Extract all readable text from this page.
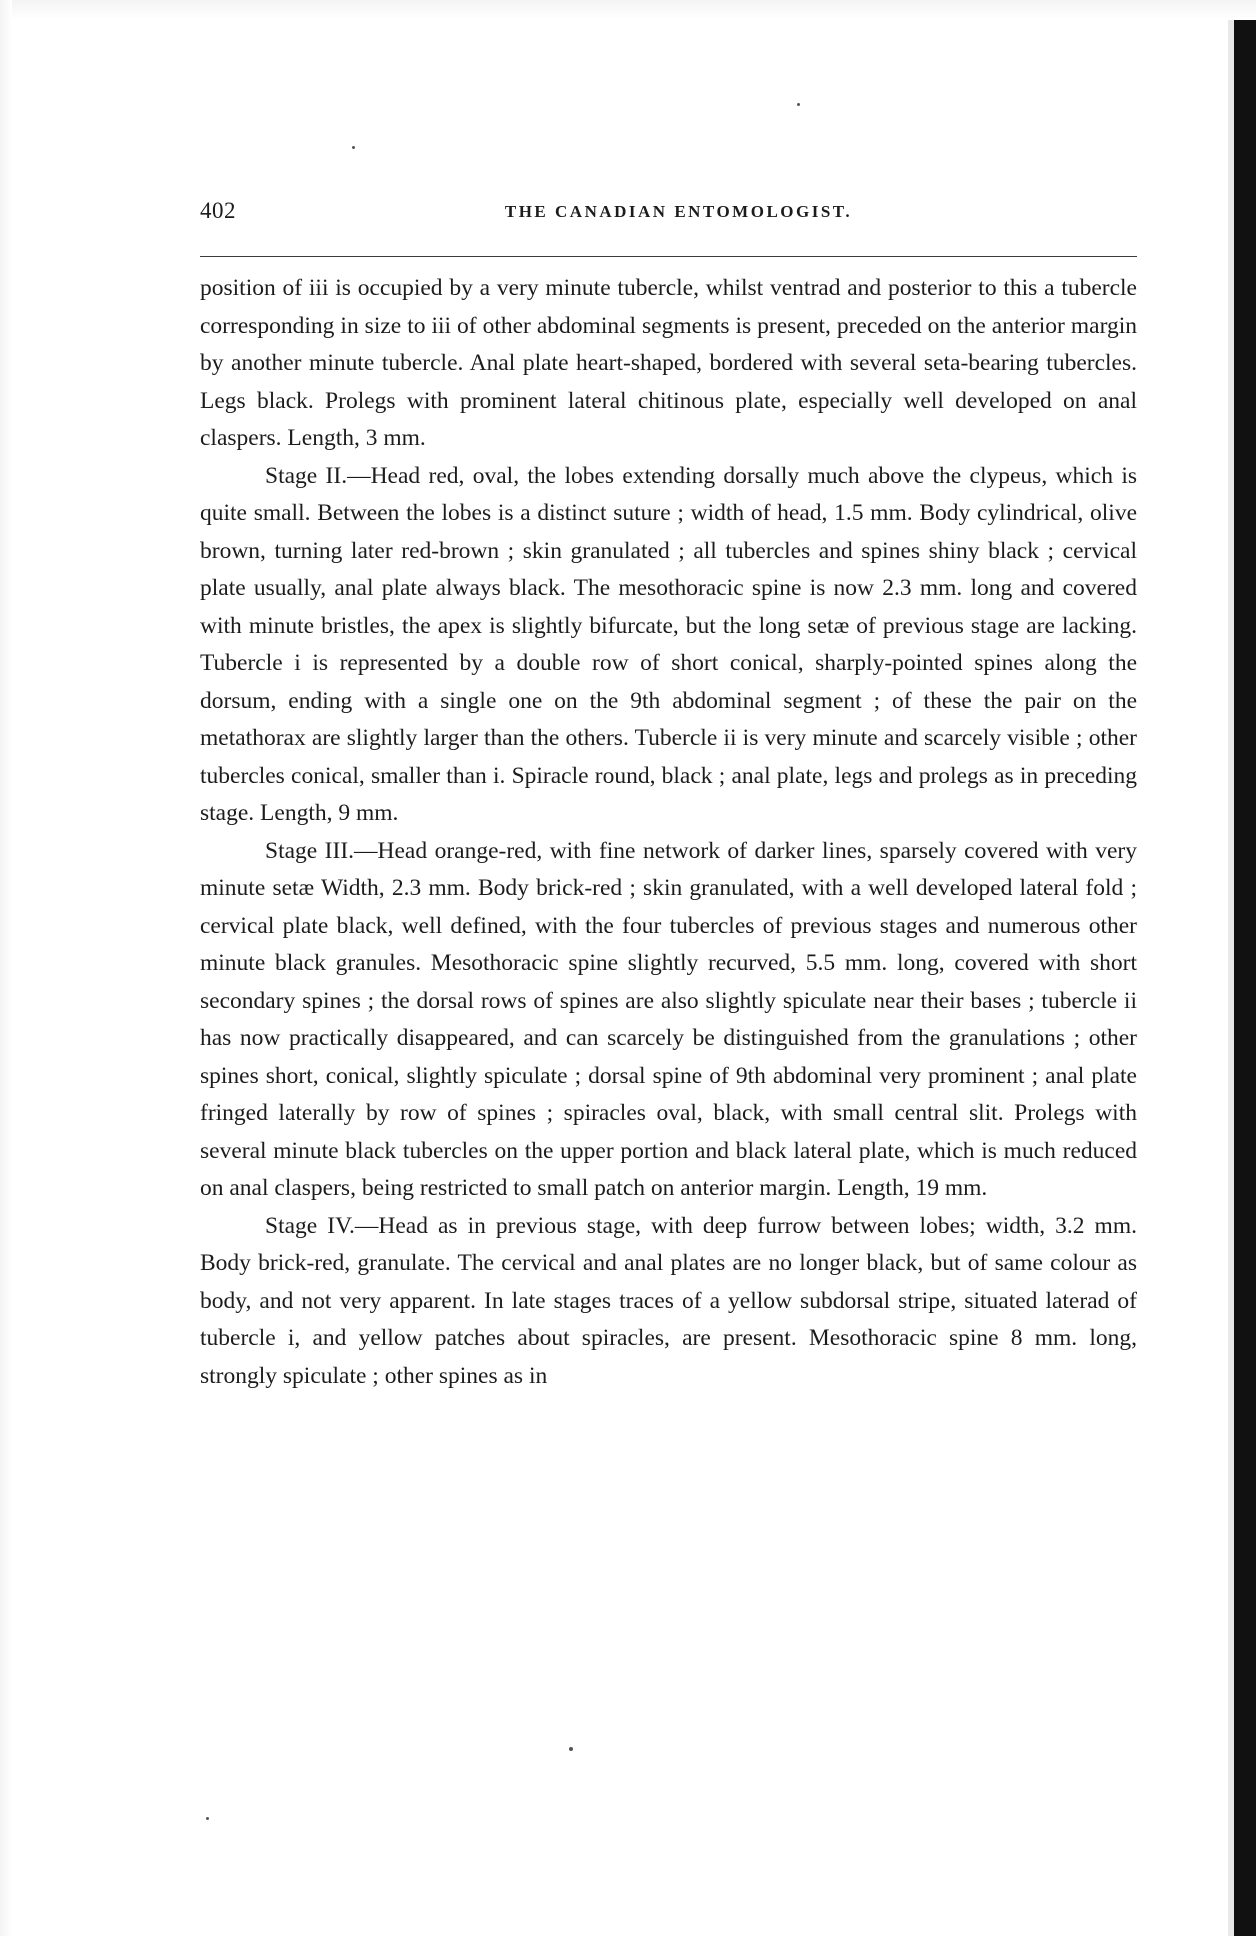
402	THE CANADIAN ENTOMOLOGIST.

position of iii is occupied by a very minute tubercle, whilst ventrad and posterior to this a tubercle corresponding in size to iii of other abdominal segments is present, preceded on the anterior margin by another minute tubercle. Anal plate heart-shaped, bordered with several seta-bearing tubercles. Legs black. Prolegs with prominent lateral chitinous plate, especially well developed on anal claspers. Length, 3 mm.

Stage II.—Head red, oval, the lobes extending dorsally much above the clypeus, which is quite small. Between the lobes is a distinct suture ; width of head, 1.5 mm. Body cylindrical, olive brown, turning later red-brown ; skin granulated ; all tubercles and spines shiny black ; cervical plate usually, anal plate always black. The mesothoracic spine is now 2.3 mm. long and covered with minute bristles, the apex is slightly bifurcate, but the long setæ of previous stage are lacking. Tubercle i is represented by a double row of short conical, sharply-pointed spines along the dorsum, ending with a single one on the 9th abdominal segment ; of these the pair on the metathorax are slightly larger than the others. Tubercle ii is very minute and scarcely visible ; other tubercles conical, smaller than i. Spiracle round, black ; anal plate, legs and prolegs as in preceding stage. Length, 9 mm.

Stage III.—Head orange-red, with fine network of darker lines, sparsely covered with very minute setæ Width, 2.3 mm. Body brick-red ; skin granulated, with a well developed lateral fold ; cervical plate black, well defined, with the four tubercles of previous stages and numerous other minute black granules. Mesothoracic spine slightly recurved, 5.5 mm. long, covered with short secondary spines ; the dorsal rows of spines are also slightly spiculate near their bases ; tubercle ii has now practically disappeared, and can scarcely be distinguished from the granulations ; other spines short, conical, slightly spiculate ; dorsal spine of 9th abdominal very prominent ; anal plate fringed laterally by row of spines ; spiracles oval, black, with small central slit. Prolegs with several minute black tubercles on the upper portion and black lateral plate, which is much reduced on anal claspers, being restricted to small patch on anterior margin. Length, 19 mm.

Stage IV.—Head as in previous stage, with deep furrow between lobes; width, 3.2 mm. Body brick-red, granulate. The cervical and anal plates are no longer black, but of same colour as body, and not very apparent. In late stages traces of a yellow subdorsal stripe, situated laterad of tubercle i, and yellow patches about spiracles, are present. Mesothoracic spine 8 mm. long, strongly spiculate ; other spines as in
